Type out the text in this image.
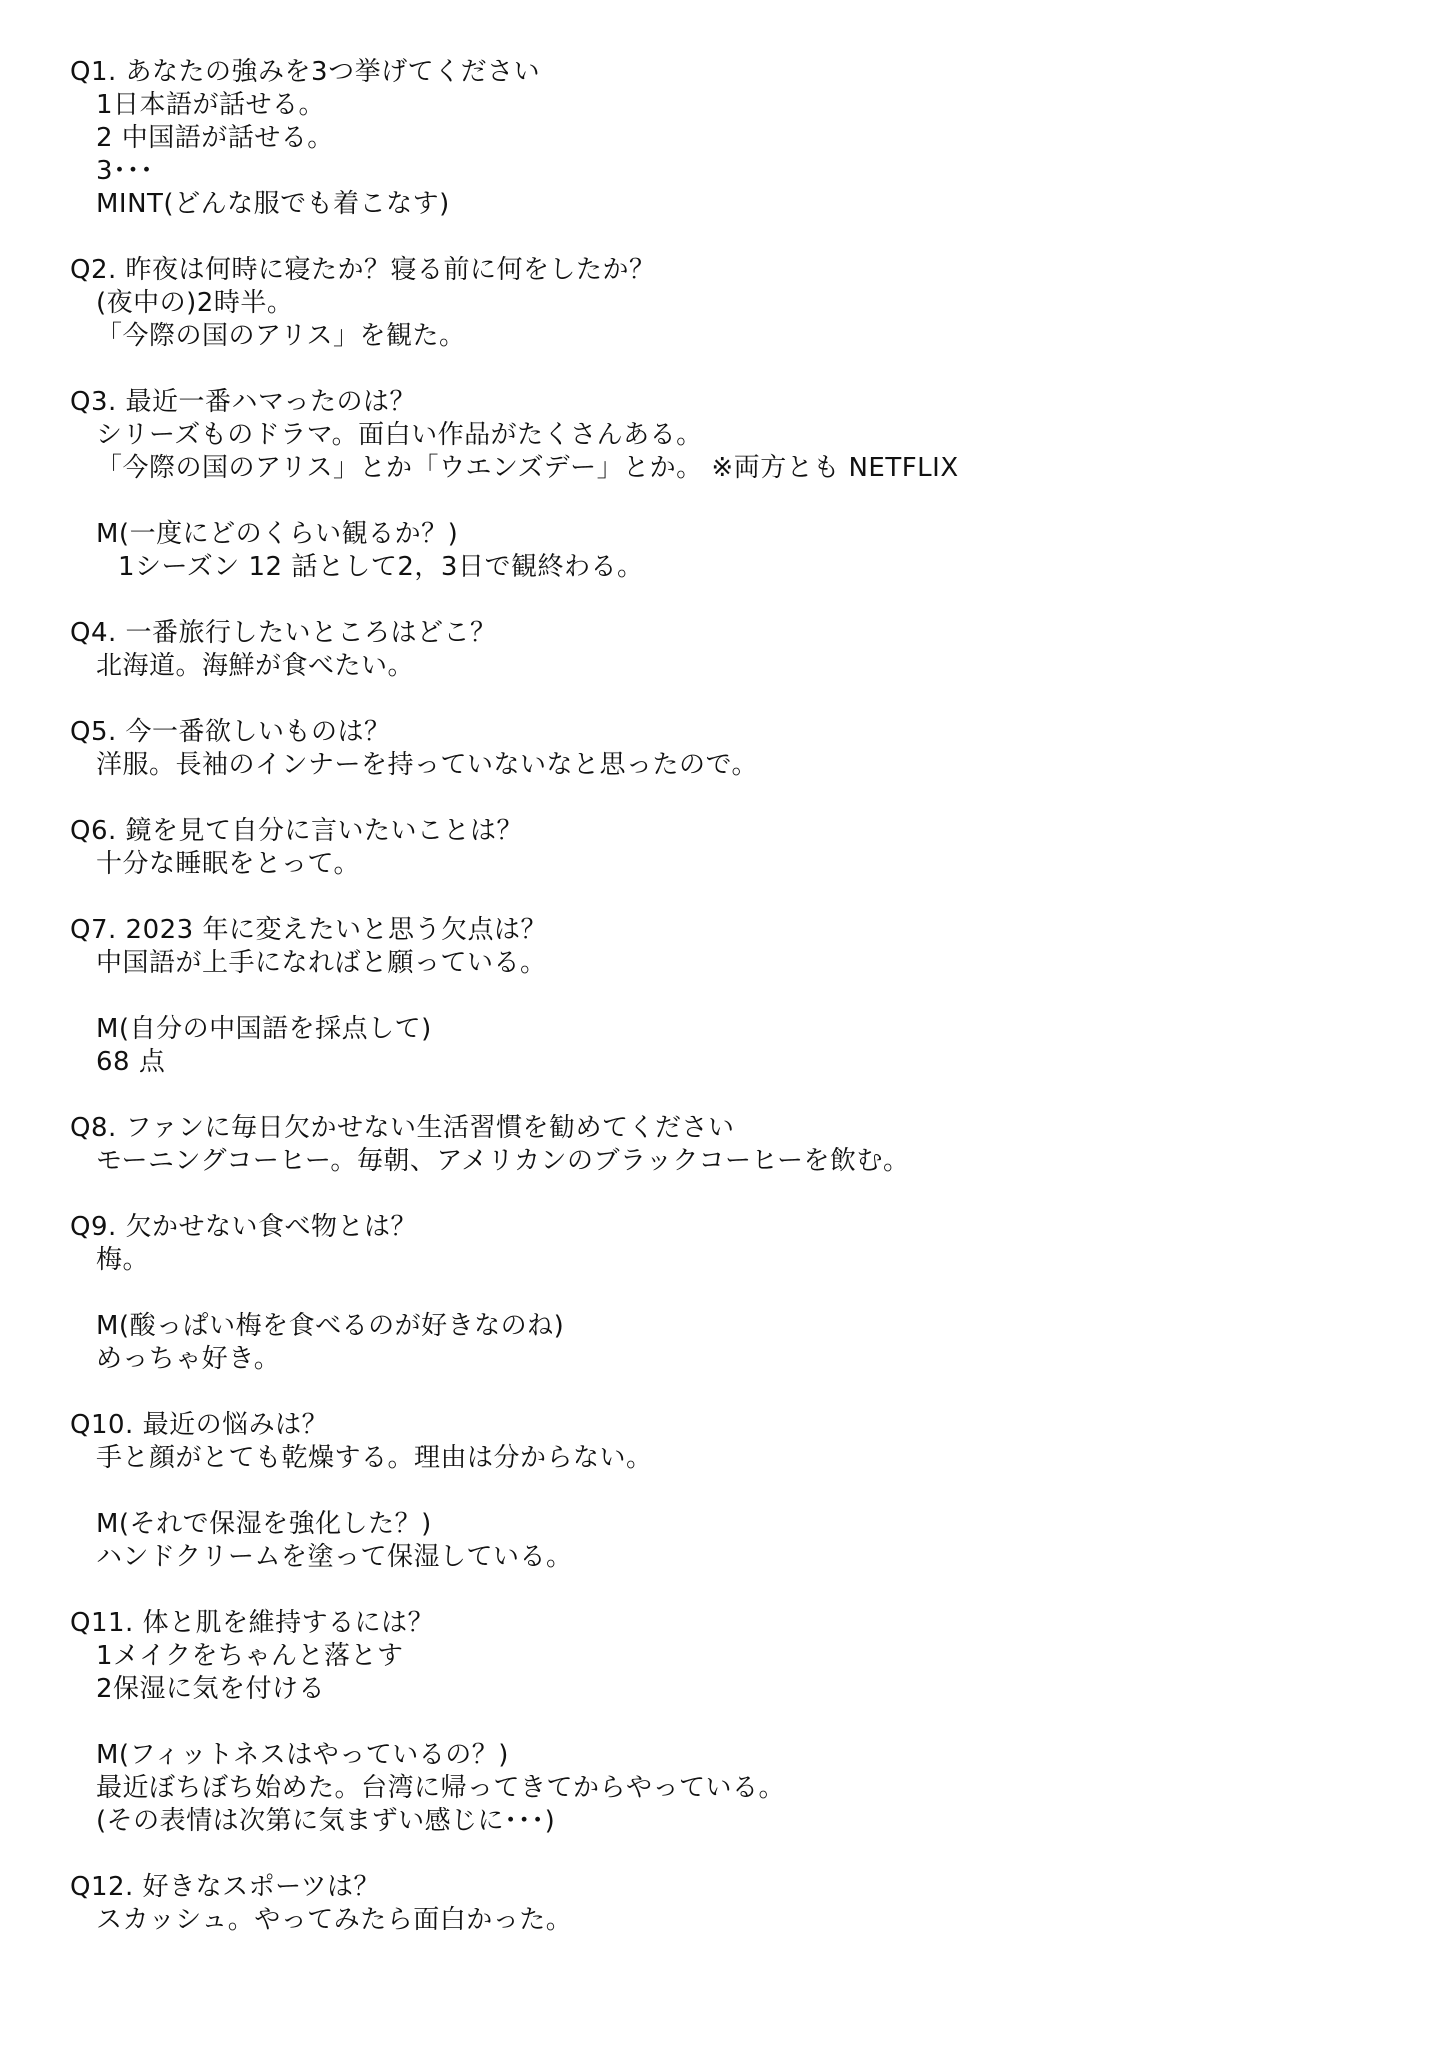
Q1. あなたの強みを3つ挙げてください
1日本語が話せる。
2 中国語が話せる。
3･･･
MINT(どんな服でも着こなす)
Q2. 昨夜は何時に寝たか？寝る前に何をしたか？
(夜中の)2時半。
「今際の国のアリス」を観た。
Q3. 最近一番ハマったのは？
シリーズものドラマ。面白い作品がたくさんある。
「今際の国のアリス」とか「ウエンズデー」とか。 ※両方とも NETFLIX
M(一度にどのくらい観るか？)
1シーズン 12 話として2，3日で観終わる。
Q4. 一番旅行したいところはどこ？
北海道。海鮮が食べたい。
Q5. 今一番欲しいものは？
洋服。長袖のインナーを持っていないなと思ったので。
Q6. 鏡を見て自分に言いたいことは？
十分な睡眠をとって。
Q7. 2023 年に変えたいと思う欠点は？
中国語が上手になればと願っている。
M(自分の中国語を採点して)
68 点
Q8. ファンに毎日欠かせない生活習慣を勧めてください
モーニングコーヒー。毎朝、アメリカンのブラックコーヒーを飲む。
Q9. 欠かせない食べ物とは？
梅。
M(酸っぱい梅を食べるのが好きなのね)
めっちゃ好き。
Q10. 最近の悩みは？
手と顔がとても乾燥する。理由は分からない。
M(それで保湿を強化した？)
ハンドクリームを塗って保湿している。
Q11. 体と肌を維持するには？
1メイクをちゃんと落とす
2保湿に気を付ける
M(フィットネスはやっているの？)
最近ぼちぼち始めた。台湾に帰ってきてからやっている。
(その表情は次第に気まずい感じに･･･)
Q12. 好きなスポーツは？
スカッシュ。やってみたら面白かった。
